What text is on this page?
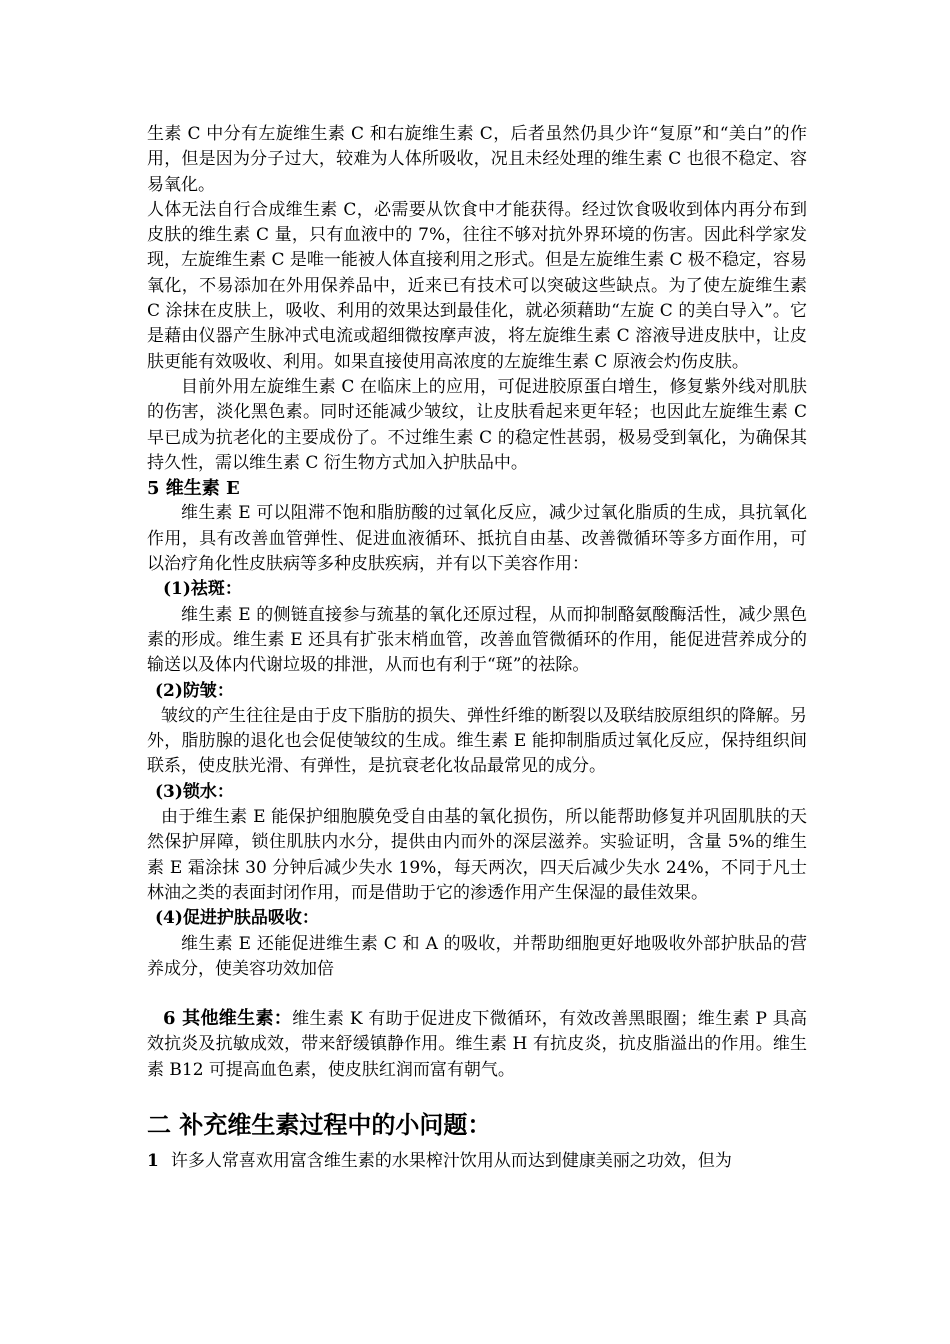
生素 C 中分有左旋维生素 C 和右旋维生素 C，后者虽然仍具少许“复原”和“美白”的作用，但是因为分子过大，较难为人体所吸收，况且未经处理的维生素 C 也很不稳定、容易氧化。

人体无法自行合成维生素 C，必需要从饮食中才能获得。经过饮食吸收到体内再分布到皮肤的维生素 C 量，只有血液中的 7%，往往不够对抗外界环境的伤害。因此科学家发现，左旋维生素 C 是唯一能被人体直接利用之形式。但是左旋维生素 C 极不稳定，容易氧化，不易添加在外用保养品中，近来已有技术可以突破这些缺点。为了使左旋维生素 C 涂抹在皮肤上，吸收、利用的效果达到最佳化，就必须藉助“左旋 C 的美白导入”。它是藉由仪器产生脉冲式电流或超细微按摩声波，将左旋维生素 C 溶液导进皮肤中，让皮肤更能有效吸收、利用。如果直接使用高浓度的左旋维生素 C 原液会灼伤皮肤。

目前外用左旋维生素 C 在临床上的应用，可促进胶原蛋白增生，修复紫外线对肌肤的伤害，淡化黑色素。同时还能减少皱纹，让皮肤看起来更年轻；也因此左旋维生素 C 早已成为抗老化的主要成份了。不过维生素 C 的稳定性甚弱，极易受到氧化，为确保其持久性，需以维生素 C 衍生物方式加入护肤品中。

5 维生素 E

维生素 E 可以阻滞不饱和脂肪酸的过氧化反应，减少过氧化脂质的生成，具抗氧化作用，具有改善血管弹性、促进血液循环、抵抗自由基、改善微循环等多方面作用，可以治疗角化性皮肤病等多种皮肤疾病，并有以下美容作用：

(1)祛斑：

维生素 E 的侧链直接参与巯基的氧化还原过程，从而抑制酪氨酸酶活性，减少黑色素的形成。维生素 E 还具有扩张末梢血管，改善血管微循环的作用，能促进营养成分的输送以及体内代谢垃圾的排泄，从而也有利于“斑”的祛除。

(2)防皱：

皱纹的产生往往是由于皮下脂肪的损失、弹性纤维的断裂以及联结胶原组织的降解。另外，脂肪腺的退化也会促使皱纹的生成。维生素 E 能抑制脂质过氧化反应，保持组织间联系，使皮肤光滑、有弹性，是抗衰老化妆品最常见的成分。

(3)锁水：

由于维生素 E 能保护细胞膜免受自由基的氧化损伤，所以能帮助修复并巩固肌肤的天然保护屏障，锁住肌肤内水分，提供由内而外的深层滋养。实验证明，含量 5%的维生素 E 霜涂抹 30 分钟后减少失水 19%，每天两次，四天后减少失水 24%，不同于凡士林油之类的表面封闭作用，而是借助于它的渗透作用产生保湿的最佳效果。

(4)促进护肤品吸收：

维生素 E 还能促进维生素 C 和 A 的吸收，并帮助细胞更好地吸收外部护肤品的营养成分，使美容功效加倍

6 其他维生素：维生素 K 有助于促进皮下微循环，有效改善黑眼圈；维生素 P 具高效抗炎及抗敏成效，带来舒缓镇静作用。维生素 H 有抗皮炎，抗皮脂溢出的作用。维生素 B12 可提高血色素，使皮肤红润而富有朝气。

二 补充维生素过程中的小问题：

1 许多人常喜欢用富含维生素的水果榨汁饮用从而达到健康美丽之功效，但为
